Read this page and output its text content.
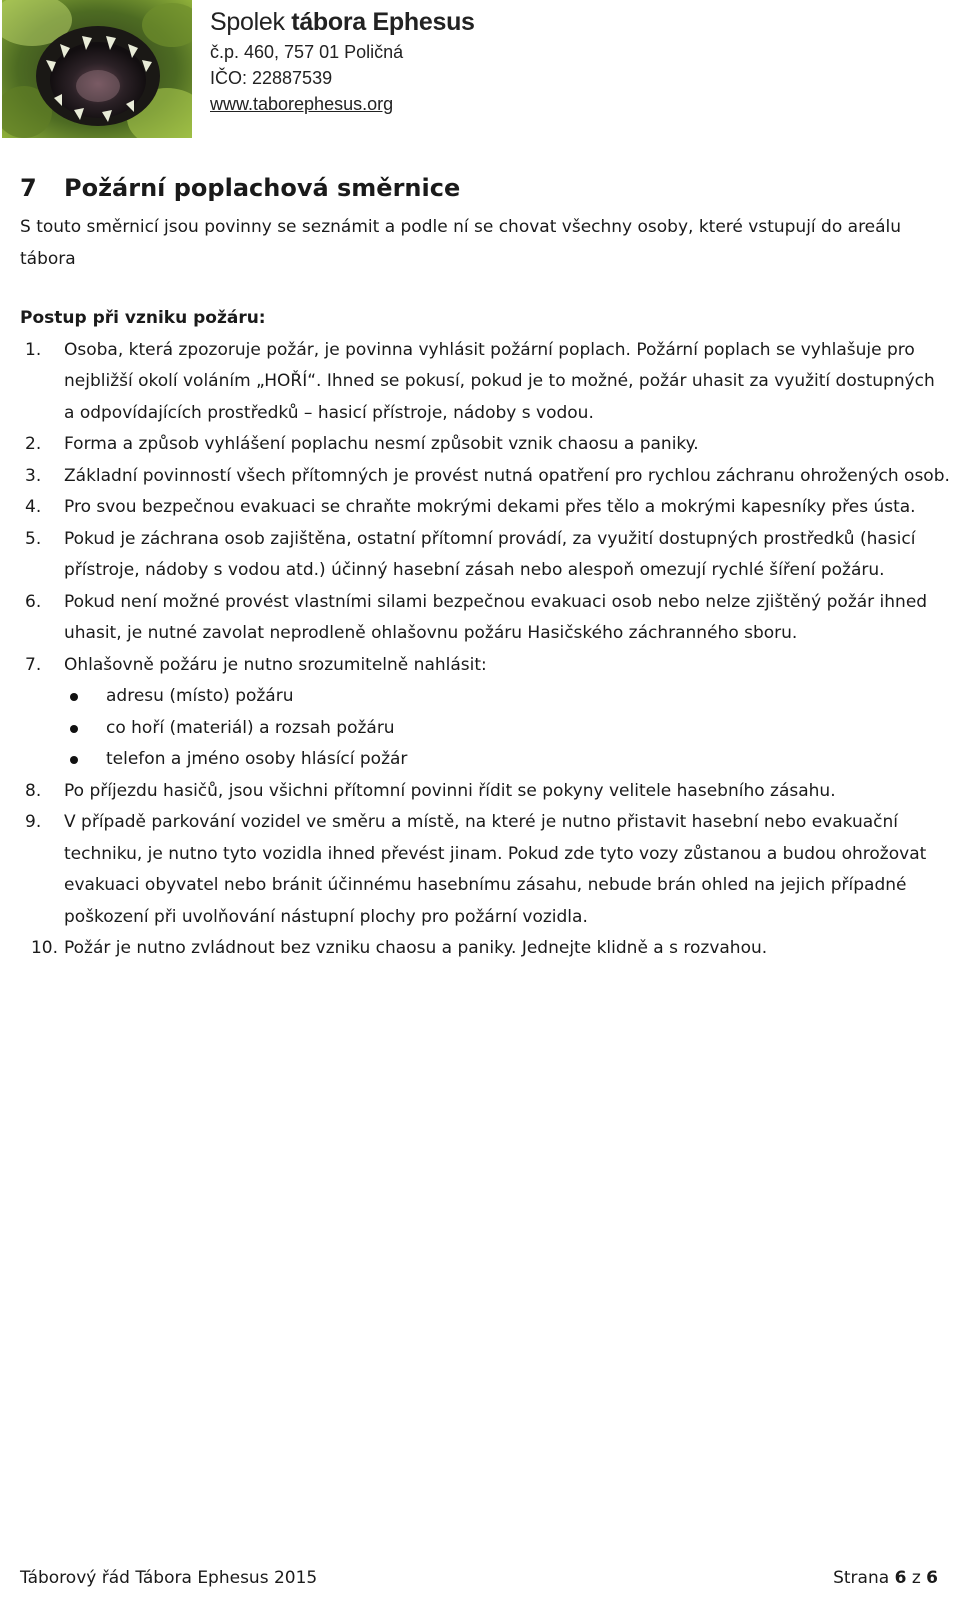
Spolek tábora Ephesus
č.p. 460, 757 01 Poličná
IČO: 22887539
www.taborephesus.org
7 Požární poplachová směrnice

S touto směrnicí jsou povinny se seznámit a podle ní se chovat všechny osoby, které vstupují do areálu tábora

Postup při vzniku požáru:

1.	Osoba, která zpozoruje požár, je povinna vyhlásit požární poplach. Požární poplach se vyhlašuje pro nejbližší okolí voláním „HOŘÍ“. Ihned se pokusí, pokud je to možné, požár uhasit za využití dostupných a odpovídajících prostředků – hasicí přístroje, nádoby s vodou.
2.	Forma a způsob vyhlášení poplachu nesmí způsobit vznik chaosu a paniky.
3.	Základní povinností všech přítomných je provést nutná opatření pro rychlou záchranu ohrožených osob.
4.	Pro svou bezpečnou evakuaci se chraňte mokrými dekami přes tělo a mokrými kapesníky přes ústa.
5.	Pokud je záchrana osob zajištěna, ostatní přítomní provádí, za využití dostupných prostředků (hasicí přístroje, nádoby s vodou atd.) účinný hasební zásah nebo alespoň omezují rychlé šíření požáru.
6.	Pokud není možné provést vlastními silami bezpečnou evakuaci osob nebo nelze zjištěný požár ihned uhasit, je nutné zavolat neprodleně ohlašovnu požáru Hasičského záchranného sboru.
7.	Ohlašovně požáru je nutno srozumitelně nahlásit:
adresu (místo) požáru
co hoří (materiál) a rozsah požáru
telefon a jméno osoby hlásící požár
8.	Po příjezdu hasičů, jsou všichni přítomní povinni řídit se pokyny velitele hasebního zásahu.
9.	V případě parkování vozidel ve směru a místě, na které je nutno přistavit hasební nebo evakuační techniku, je nutno tyto vozidla ihned převést jinam. Pokud zde tyto vozy zůstanou a budou ohrožovat evakuaci obyvatel nebo bránit účinnému hasebnímu zásahu, nebude brán ohled na jejich případné poškození při uvolňování nástupní plochy pro požární vozidla.
10. Požár je nutno zvládnout bez vzniku chaosu a paniky. Jednejte klidně a s rozvahou.
Táborový řád Tábora Ephesus 2015	Strana 6 z 6
